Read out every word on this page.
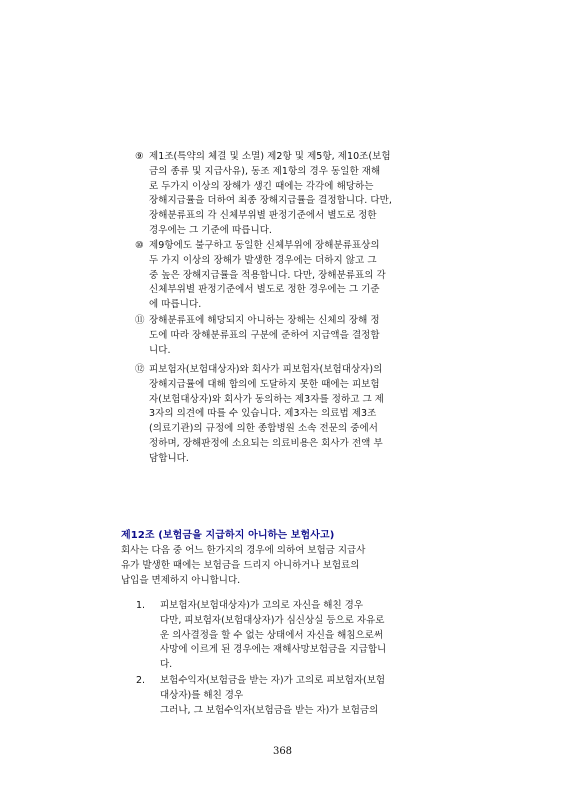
⑨ 제1조(특약의 체결 및 소멸) 제2항 및 제5항, 제10조(보험
금의 종류 및 지급사유), 동조 제1항의 경우 동일한 재해
로 두가지 이상의 장해가 생긴 때에는 각각에 해당하는
장해지급률을 더하여 최종 장해지급률을 결정합니다. 다만,
장해분류표의 각 신체부위별 판정기준에서 별도로 정한
경우에는 그 기준에 따릅니다.
⑩ 제9항에도 불구하고 동일한 신체부위에 장해분류표상의
두 가지 이상의 장해가 발생한 경우에는 더하지 않고 그
중 높은 장해지급률을 적용합니다. 다만, 장해분류표의 각
신체부위별 판정기준에서 별도로 정한 경우에는 그 기준
에 따릅니다.
⑪ 장해분류표에 해당되지 아니하는 장해는 신체의 장해 정
도에 따라 장해분류표의 구분에 준하여 지급액을 결정합
니다.
⑫ 피보험자(보험대상자)와 회사가 피보험자(보험대상자)의
장해지급률에 대해 합의에 도달하지 못한 때에는 피보험
자(보험대상자)와 회사가 동의하는 제3자를 정하고 그 제
3자의 의견에 따를 수 있습니다. 제3자는 의료법 제3조
(의료기관)의 규정에 의한 종합병원 소속 전문의 중에서
정하며, 장해판정에 소요되는 의료비용은 회사가 전액 부
담합니다.
제12조 (보험금을 지급하지 아니하는 보험사고)
회사는 다음 중 어느 한가지의 경우에 의하여 보험금 지급사
유가 발생한 때에는 보험금을 드리지 아니하거나 보험료의
납입을 면제하지 아니합니다.
1.	피보험자(보험대상자)가 고의로 자신을 해친 경우
다만, 피보험자(보험대상자)가 심신상실 등으로 자유로
운 의사결정을 할 수 없는 상태에서 자신을 해침으로써
사망에 이르게 된 경우에는 재해사망보험금을 지급합니
다.
2.	보험수익자(보험금을 받는 자)가 고의로 피보험자(보험
대상자)를 해친 경우
그러나, 그 보험수익자(보험금을 받는 자)가 보험금의
368
